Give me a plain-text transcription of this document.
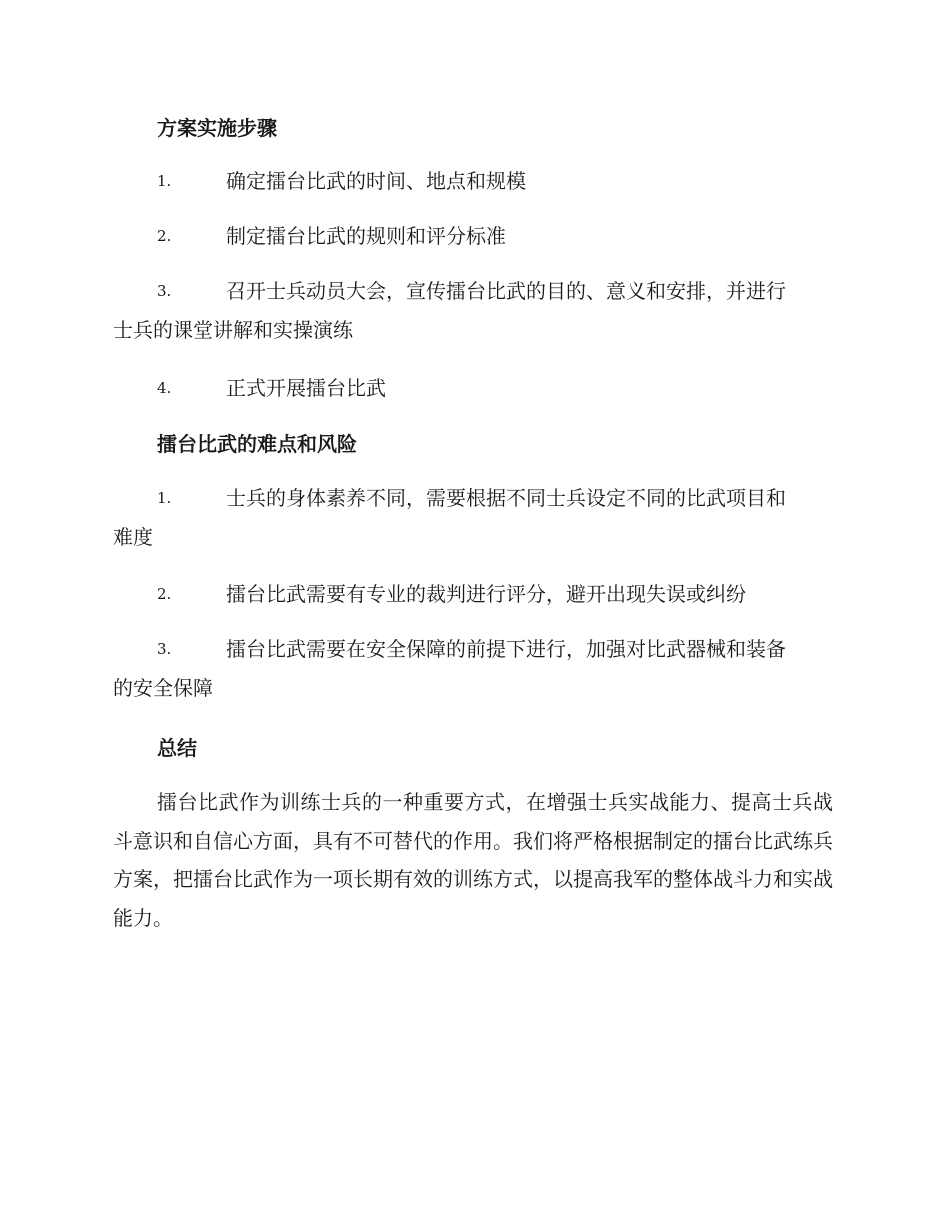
方案实施步骤
1.	确定擂台比武的时间、地点和规模
2.	制定擂台比武的规则和评分标准
3.	召开士兵动员大会，宣传擂台比武的目的、意义和安排，并进行
士兵的课堂讲解和实操演练
4.	正式开展擂台比武
擂台比武的难点和风险
1.	士兵的身体素养不同，需要根据不同士兵设定不同的比武项目和
难度
2.	擂台比武需要有专业的裁判进行评分，避开出现失误或纠纷
3.	擂台比武需要在安全保障的前提下进行，加强对比武器械和装备
的安全保障
总结

擂台比武作为训练士兵的一种重要方式，在增强士兵实战能力、提高士兵战斗意识和自信心方面，具有不可替代的作用。我们将严格根据制定的擂台比武练兵方案，把擂台比武作为一项长期有效的训练方式，以提高我军的整体战斗力和实战能力。
